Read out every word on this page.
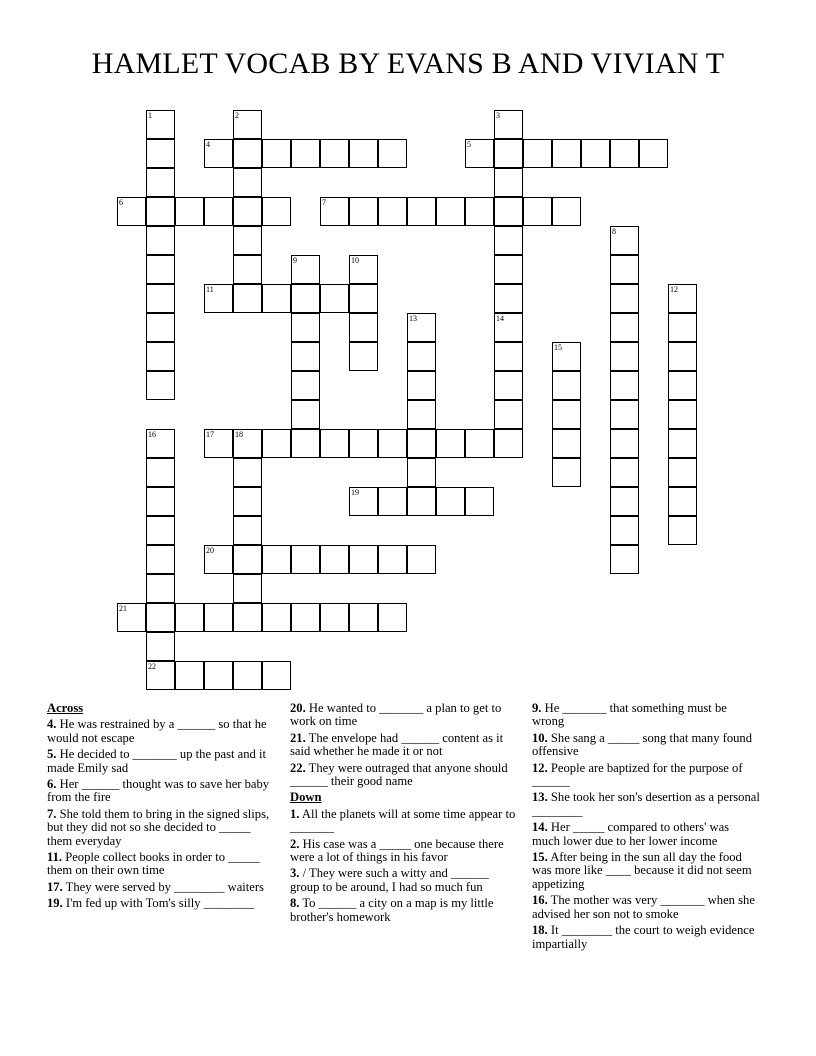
HAMLET VOCAB BY EVANS B AND VIVIAN T
1	2	3
4	5
6	7
8
9	10
11	12
13	14
15
16
22
17	18
19
20
21
Across
4. He was restrained by a ______ so that he would not escape
5. He decided to _______ up the past and it made Emily sad
6. Her ______ thought was to save her baby from the fire
7. She told them to bring in the signed slips, but they did not so she decided to _____ them everyday
11. People collect books in order to _____ them on their own time
17. They were served by ________ waiters
19. I'm fed up with Tom's silly ________
20. He wanted to _______ a plan to get to work on time
21. The envelope had ______ content as it said whether he made it or not
22. They were outraged that anyone should ______ their good name
Down
1. All the planets will at some time appear to _______
2. His case was a _____ one because there were a lot of things in his favor
3. / They were such a witty and ______ group to be around, I had so much fun
8. To ______ a city on a map is my little brother's homework
9. He _______ that something must be wrong
10. She sang a _____ song that many found offensive
12. People are baptized for the purpose of ______
13. She took her son's desertion as a personal ________
14. Her _____ compared to others' was much lower due to her lower income
15. After being in the sun all day the food was more like ____ because it did not seem appetizing
16. The mother was very _______ when she advised her son not to smoke
18. It ________ the court to weigh evidence impartially
